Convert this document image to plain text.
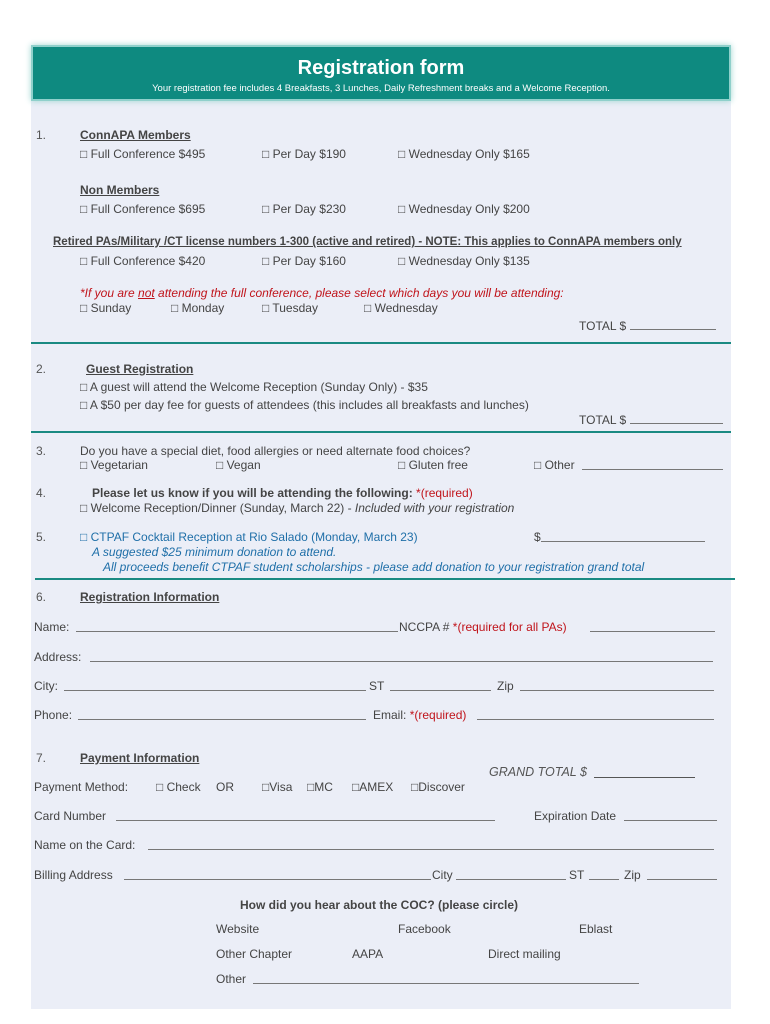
Registration form
Your registration fee includes 4 Breakfasts, 3 Lunches, Daily Refreshment breaks and a Welcome Reception.
1.	ConnAPA Members
□ Full Conference $495	□ Per Day $190	□ Wednesday Only $165
Non Members
□ Full Conference $695	□ Per Day $230	□ Wednesday Only $200
Retired PAs/Military /CT license numbers 1-300 (active and retired) - NOTE: This applies to ConnAPA members only
□ Full Conference $420	□ Per Day $160	□ Wednesday Only $135
*If you are not attending the full conference, please select which days you will be attending:
□ Sunday	□ Monday	□ Tuesday	□ Wednesday
TOTAL $
2.	Guest Registration
□ A guest will attend the Welcome Reception (Sunday Only) - $35
□ A $50 per day fee for guests of attendees (this includes all breakfasts and lunches)
TOTAL $
3.	Do you have a special diet, food allergies or need alternate food choices?
□ Vegetarian	□ Vegan	□ Gluten free	□ Other
4.	Please let us know if you will be attending the following: *(required)
□ Welcome Reception/Dinner (Sunday, March 22) - Included with your registration
5.	□ CTPAF Cocktail Reception at Rio Salado (Monday, March 23)	$
A suggested $25 minimum donation to attend.
All proceeds benefit CTPAF student scholarships - please add donation to your registration grand total
6.	Registration Information
Name:	NCCPA # *(required for all PAs)
Address:
City:	ST	Zip
Phone:	Email: *(required)
7.	Payment Information
GRAND TOTAL $
Payment Method: □ Check OR □Visa □MC □AMEX □Discover
Card Number	Expiration Date
Name on the Card:
Billing Address	City	ST	Zip
How did you hear about the COC? (please circle)
Website	Facebook	Eblast
Other Chapter	AAPA	Direct mailing
Other
